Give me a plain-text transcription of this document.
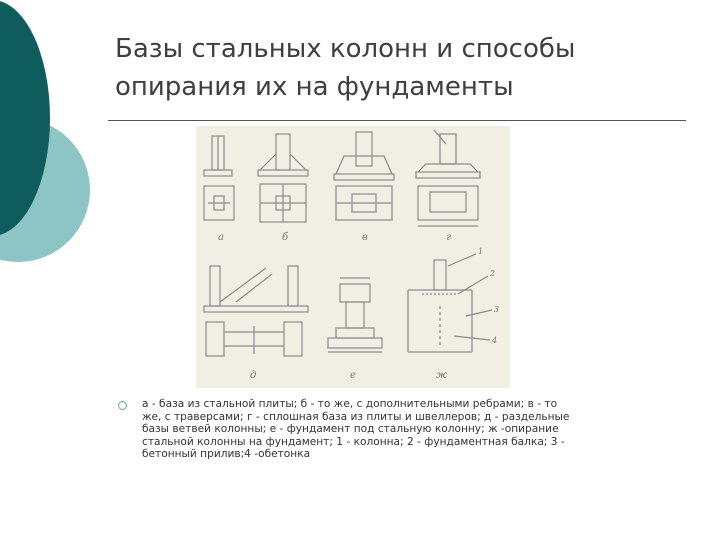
Базы стальных колонн и способы
опирания их на фундаменты
а	б	в	г
д	е	ж
1
2
3
4
а - база из стальной плиты; б - то же, с дополнительными ребрами; в - то
же, с траверсами; г - сплошная база из плиты и швеллеров; д - раздельные
базы ветвей колонны; е - фундамент под стальную колонну; ж -опирание
стальной колонны на фундамент; 1 - колонна; 2 - фундаментная балка; 3 -
бетонный прилив;4 -обетонка
